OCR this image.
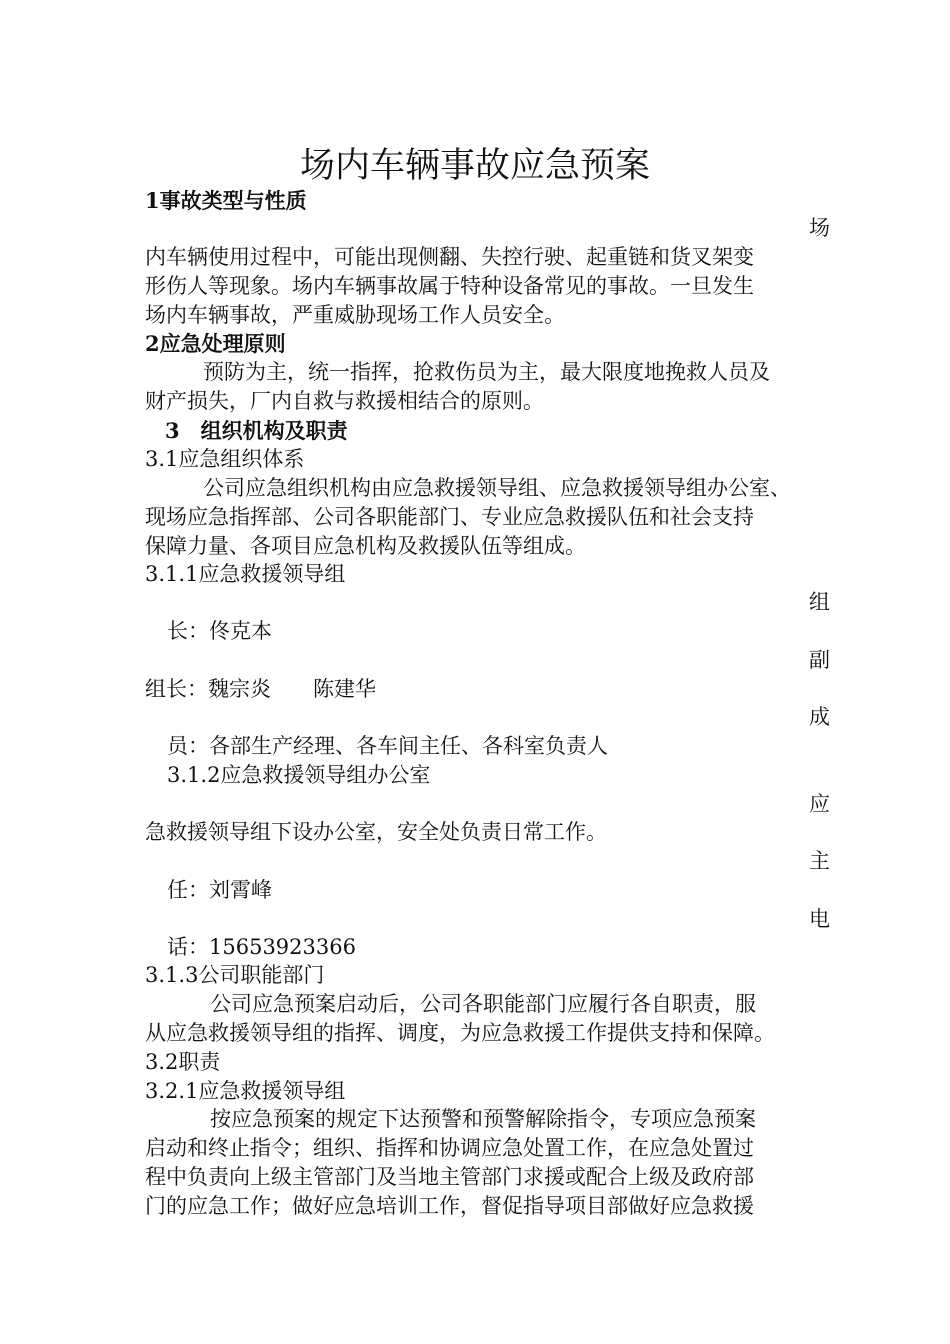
场内车辆事故应急预案
1事故类型与性质
场
内车辆使用过程中，可能出现侧翻、失控行驶、起重链和货叉架变
形伤人等现象。场内车辆事故属于特种设备常见的事故。一旦发生
场内车辆事故，严重威胁现场工作人员安全。
2应急处理原则
预防为主，统一指挥，抢救伤员为主，最大限度地挽救人员及
财产损失，厂内自救与救援相结合的原则。
3　组织机构及职责
3.1应急组织体系
公司应急组织机构由应急救援领导组、应急救援领导组办公室、
现场应急指挥部、公司各职能部门、专业应急救援队伍和社会支持
保障力量、各项目应急机构及救援队伍等组成。
3.1.1应急救援领导组
组
长：佟克本
副
组长：魏宗炎　　陈建华
成
员：各部生产经理、各车间主任、各科室负责人
3.1.2应急救援领导组办公室
应
急救援领导组下设办公室，安全处负责日常工作。
主
任：刘霄峰
电
话：15653923366
3.1.3公司职能部门
公司应急预案启动后，公司各职能部门应履行各自职责，服
从应急救援领导组的指挥、调度，为应急救援工作提供支持和保障。
3.2职责
3.2.1应急救援领导组
按应急预案的规定下达预警和预警解除指令，专项应急预案
启动和终止指令；组织、指挥和协调应急处置工作，在应急处置过
程中负责向上级主管部门及当地主管部门求援或配合上级及政府部
门的应急工作；做好应急培训工作，督促指导项目部做好应急救援
